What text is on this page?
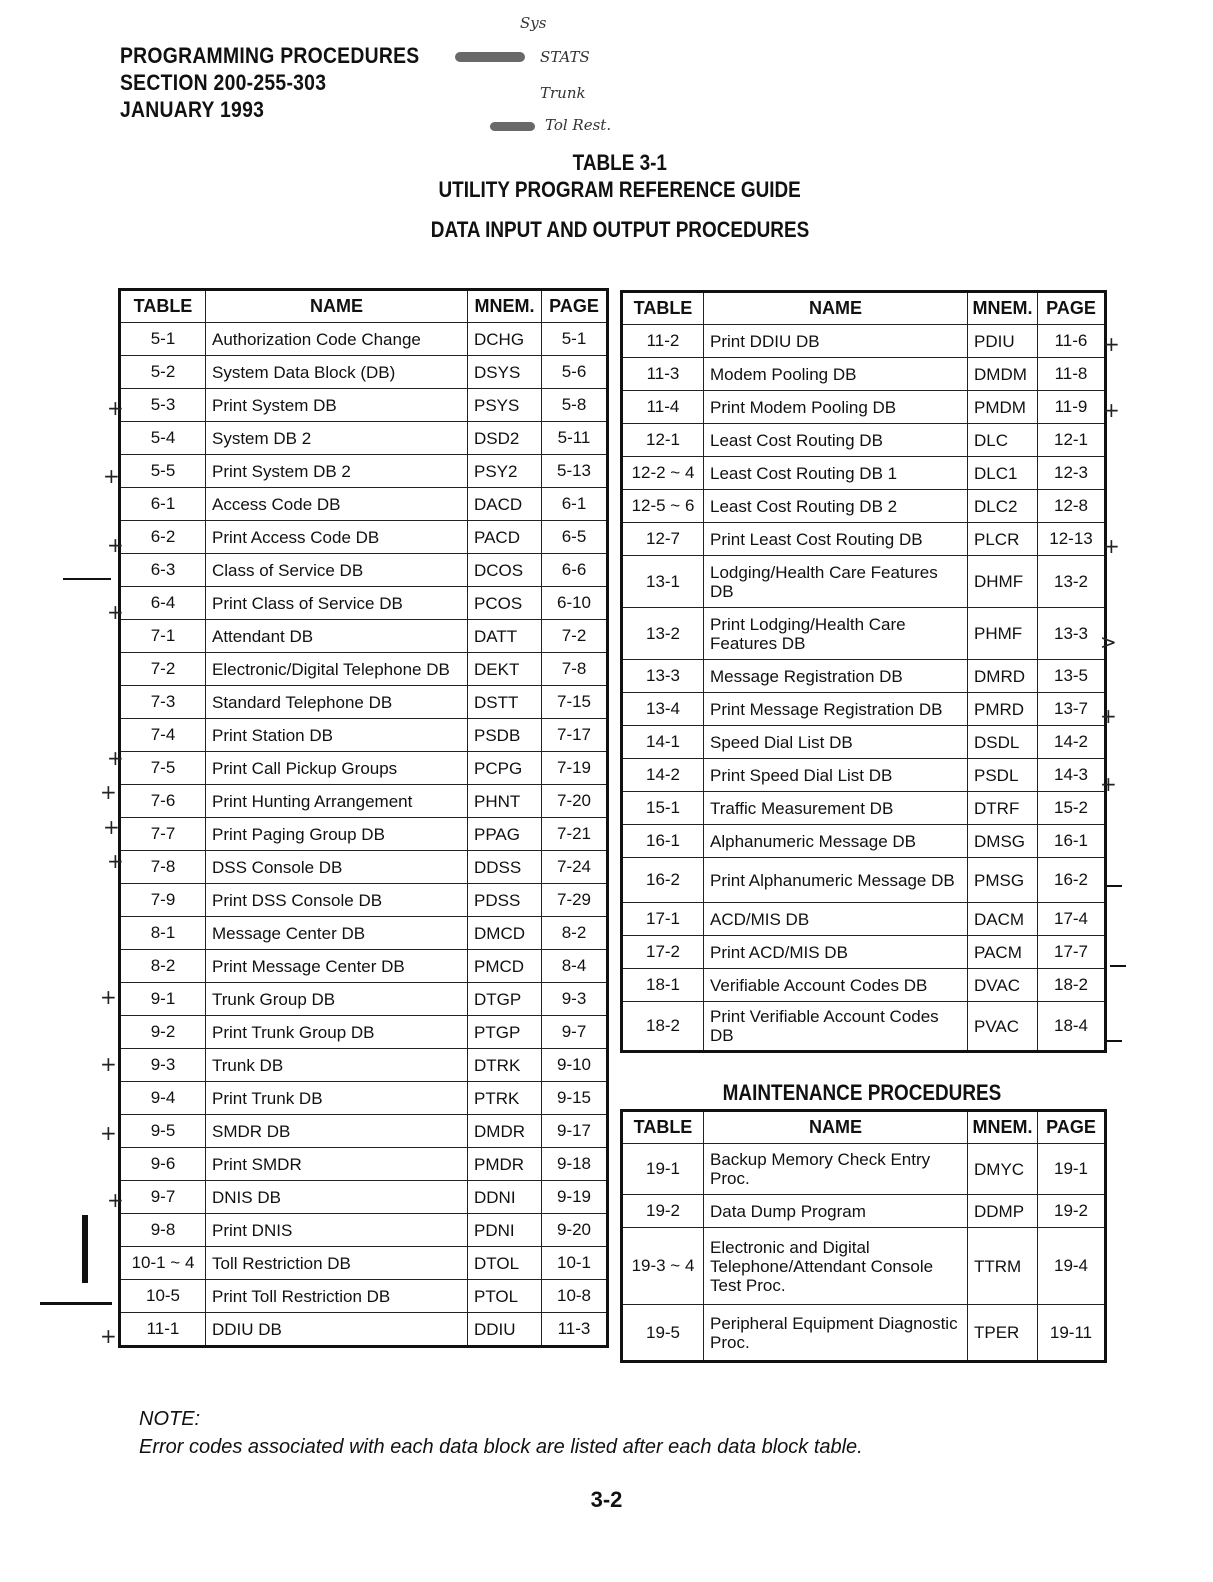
PROGRAMMING PROCEDURES
SECTION 200-255-303
JANUARY 1993
Sys
STATS
Trunk
Tol Rest.
TABLE 3-1
UTILITY PROGRAM REFERENCE GUIDE
DATA INPUT AND OUTPUT PROCEDURES
TABLE	NAME	MNEM.	PAGE
5-1	Authorization Code Change	DCHG	5-1
5-2	System Data Block (DB)	DSYS	5-6
5-3	Print System DB	PSYS	5-8
5-4	System DB 2	DSD2	5-11
5-5	Print System DB 2	PSY2	5-13
6-1	Access Code DB	DACD	6-1
6-2	Print Access Code DB	PACD	6-5
6-3	Class of Service DB	DCOS	6-6
6-4	Print Class of Service DB	PCOS	6-10
7-1	Attendant DB	DATT	7-2
7-2	Electronic/Digital Telephone DB	DEKT	7-8
7-3	Standard Telephone DB	DSTT	7-15
7-4	Print Station DB	PSDB	7-17
7-5	Print Call Pickup Groups	PCPG	7-19
7-6	Print Hunting Arrangement	PHNT	7-20
7-7	Print Paging Group DB	PPAG	7-21
7-8	DSS Console DB	DDSS	7-24
7-9	Print DSS Console DB	PDSS	7-29
8-1	Message Center DB	DMCD	8-2
8-2	Print Message Center DB	PMCD	8-4
9-1	Trunk Group DB	DTGP	9-3
9-2	Print Trunk Group DB	PTGP	9-7
9-3	Trunk DB	DTRK	9-10
9-4	Print Trunk DB	PTRK	9-15
9-5	SMDR DB	DMDR	9-17
9-6	Print SMDR	PMDR	9-18
9-7	DNIS DB	DDNI	9-19
9-8	Print DNIS	PDNI	9-20
10-1 ~ 4	Toll Restriction DB	DTOL	10-1
10-5	Print Toll Restriction DB	PTOL	10-8
11-1	DDIU DB	DDIU	11-3
TABLE	NAME	MNEM.	PAGE
11-2	Print DDIU DB	PDIU	11-6
11-3	Modem Pooling DB	DMDM	11-8
11-4	Print Modem Pooling DB	PMDM	11-9
12-1	Least Cost Routing DB	DLC	12-1
12-2 ~ 4	Least Cost Routing DB 1	DLC1	12-3
12-5 ~ 6	Least Cost Routing DB 2	DLC2	12-8
12-7	Print Least Cost Routing DB	PLCR	12-13
13-1	Lodging/Health Care Features DB	DHMF	13-2
13-2	Print Lodging/Health Care Features DB	PHMF	13-3
13-3	Message Registration DB	DMRD	13-5
13-4	Print Message Registration DB	PMRD	13-7
14-1	Speed Dial List DB	DSDL	14-2
14-2	Print Speed Dial List DB	PSDL	14-3
15-1	Traffic Measurement DB	DTRF	15-2
16-1	Alphanumeric Message DB	DMSG	16-1
16-2	Print Alphanumeric Message DB	PMSG	16-2
17-1	ACD/MIS DB	DACM	17-4
17-2	Print ACD/MIS DB	PACM	17-7
18-1	Verifiable Account Codes DB	DVAC	18-2
18-2	Print Verifiable Account Codes DB	PVAC	18-4
MAINTENANCE PROCEDURES
TABLE	NAME	MNEM.	PAGE
19-1	Backup Memory Check Entry Proc.	DMYC	19-1
19-2	Data Dump Program	DDMP	19-2
19-3 ~ 4	Electronic and Digital Telephone/Attendant Console Test Proc.	TTRM	19-4
19-5	Peripheral Equipment Diagnostic Proc.	TPER	19-11
+
+
+
+
+
+
+
+
+
+
+
+
+
+
+
+
>
+
+
NOTE:
Error codes associated with each data block are listed after each data block table.
3-2
